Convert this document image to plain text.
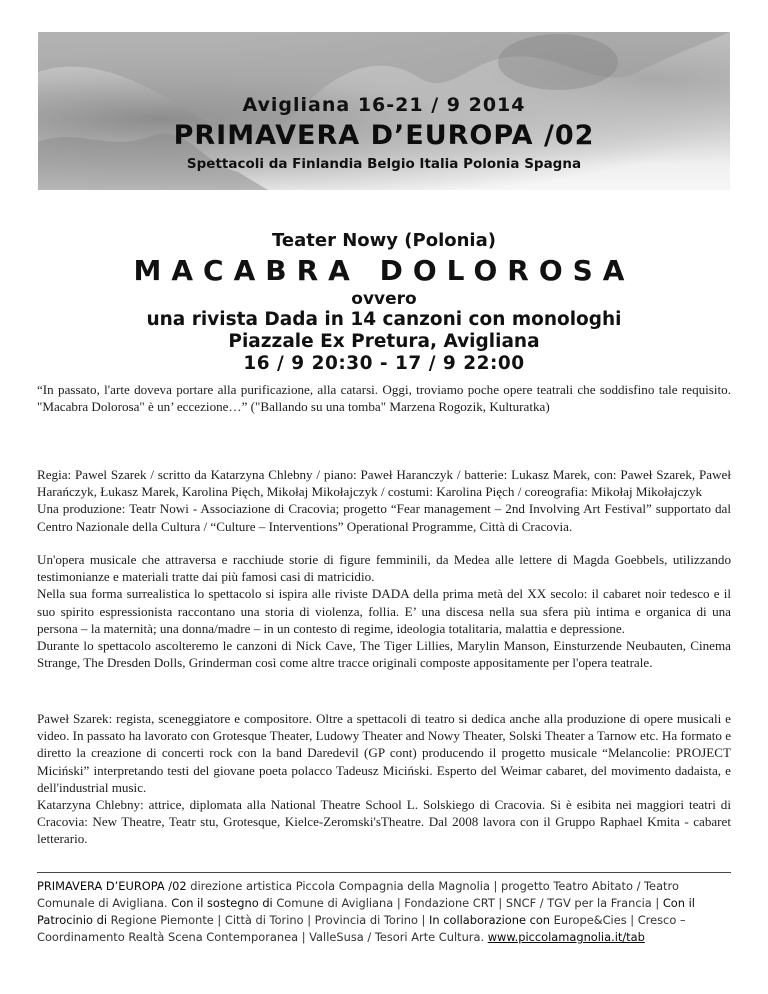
Avigliana 16-21 / 9 2014
PRIMAVERA D’EUROPA /02
Spettacoli da Finlandia Belgio Italia Polonia Spagna
Teater Nowy (Polonia)
MACABRA DOLOROSA
ovvero
una rivista Dada in 14 canzoni con monologhi
Piazzale Ex Pretura, Avigliana
16 / 9 20:30 - 17 / 9 22:00

“In passato, l'arte doveva portare alla purificazione, alla catarsi. Oggi, troviamo poche opere teatrali che soddisfino tale requisito. "Macabra Dolorosa" è un’ eccezione…” ("Ballando su una tomba" Marzena Rogozik, Kulturatka)

Regia: Pawel Szarek / scritto da Katarzyna Chlebny / piano: Paweł Haranczyk / batterie: Lukasz Marek, con: Paweł Szarek, Paweł Harańczyk, Łukasz Marek, Karolina Pięch, Mikołaj Mikołajczyk / costumi: Karolina Pięch / coreografia: Mikołaj Mikołajczyk

Una produzione: Teatr Nowi - Associazione di Cracovia; progetto “Fear management – 2nd Involving Art Festival” supportato dal Centro Nazionale della Cultura / “Culture – Interventions” Operational Programme, Città di Cracovia.

Un'opera musicale che attraversa e racchiude storie di figure femminili, da Medea alle lettere di Magda Goebbels, utilizzando testimonianze e materiali tratte dai più famosi casi di matricidio.

Nella sua forma surrealistica lo spettacolo si ispira alle riviste DADA della prima metà del XX secolo: il cabaret noir tedesco e il suo spirito espressionista raccontano una storia di violenza, follia. E’ una discesa nella sua sfera più intima e organica di una persona – la maternità; una donna/madre – in un contesto di regime, ideologia totalitaria, malattia e depressione.

Durante lo spettacolo ascolteremo le canzoni di Nick Cave, The Tiger Lillies, Marylin Manson, Einsturzende Neubauten, Cinema Strange, The Dresden Dolls, Grinderman così come altre tracce originali composte appositamente per l'opera teatrale.

Paweł Szarek: regista, sceneggiatore e compositore. Oltre a spettacoli di teatro si dedica anche alla produzione di opere musicali e video. In passato ha lavorato con Grotesque Theater, Ludowy Theater and Nowy Theater, Solski Theater a Tarnow etc. Ha formato e diretto la creazione di concerti rock con la band Daredevil (GP cont) producendo il progetto musicale “Melancolie: PROJECT Miciński” interpretando testi del giovane poeta polacco Tadeusz Miciński. Esperto del Weimar cabaret, del movimento dadaista, e dell'industrial music.

Katarzyna Chlebny: attrice, diplomata alla National Theatre School L. Solskiego di Cracovia. Si è esibita nei maggiori teatri di Cracovia: New Theatre, Teatr stu, Grotesque, Kielce-Zeromski'sTheatre. Dal 2008 lavora con il Gruppo Raphael Kmita - cabaret letterario.

PRIMAVERA D’EUROPA /02 direzione artistica Piccola Compagnia della Magnolia | progetto Teatro Abitato / Teatro Comunale di Avigliana. Con il sostegno di Comune di Avigliana | Fondazione CRT | SNCF / TGV per la Francia | Con il Patrocinio di Regione Piemonte | Città di Torino | Provincia di Torino | In collaborazione con Europe&Cies | Cresco – Coordinamento Realtà Scena Contemporanea | ValleSusa / Tesori Arte Cultura. www.piccolamagnolia.it/tab
